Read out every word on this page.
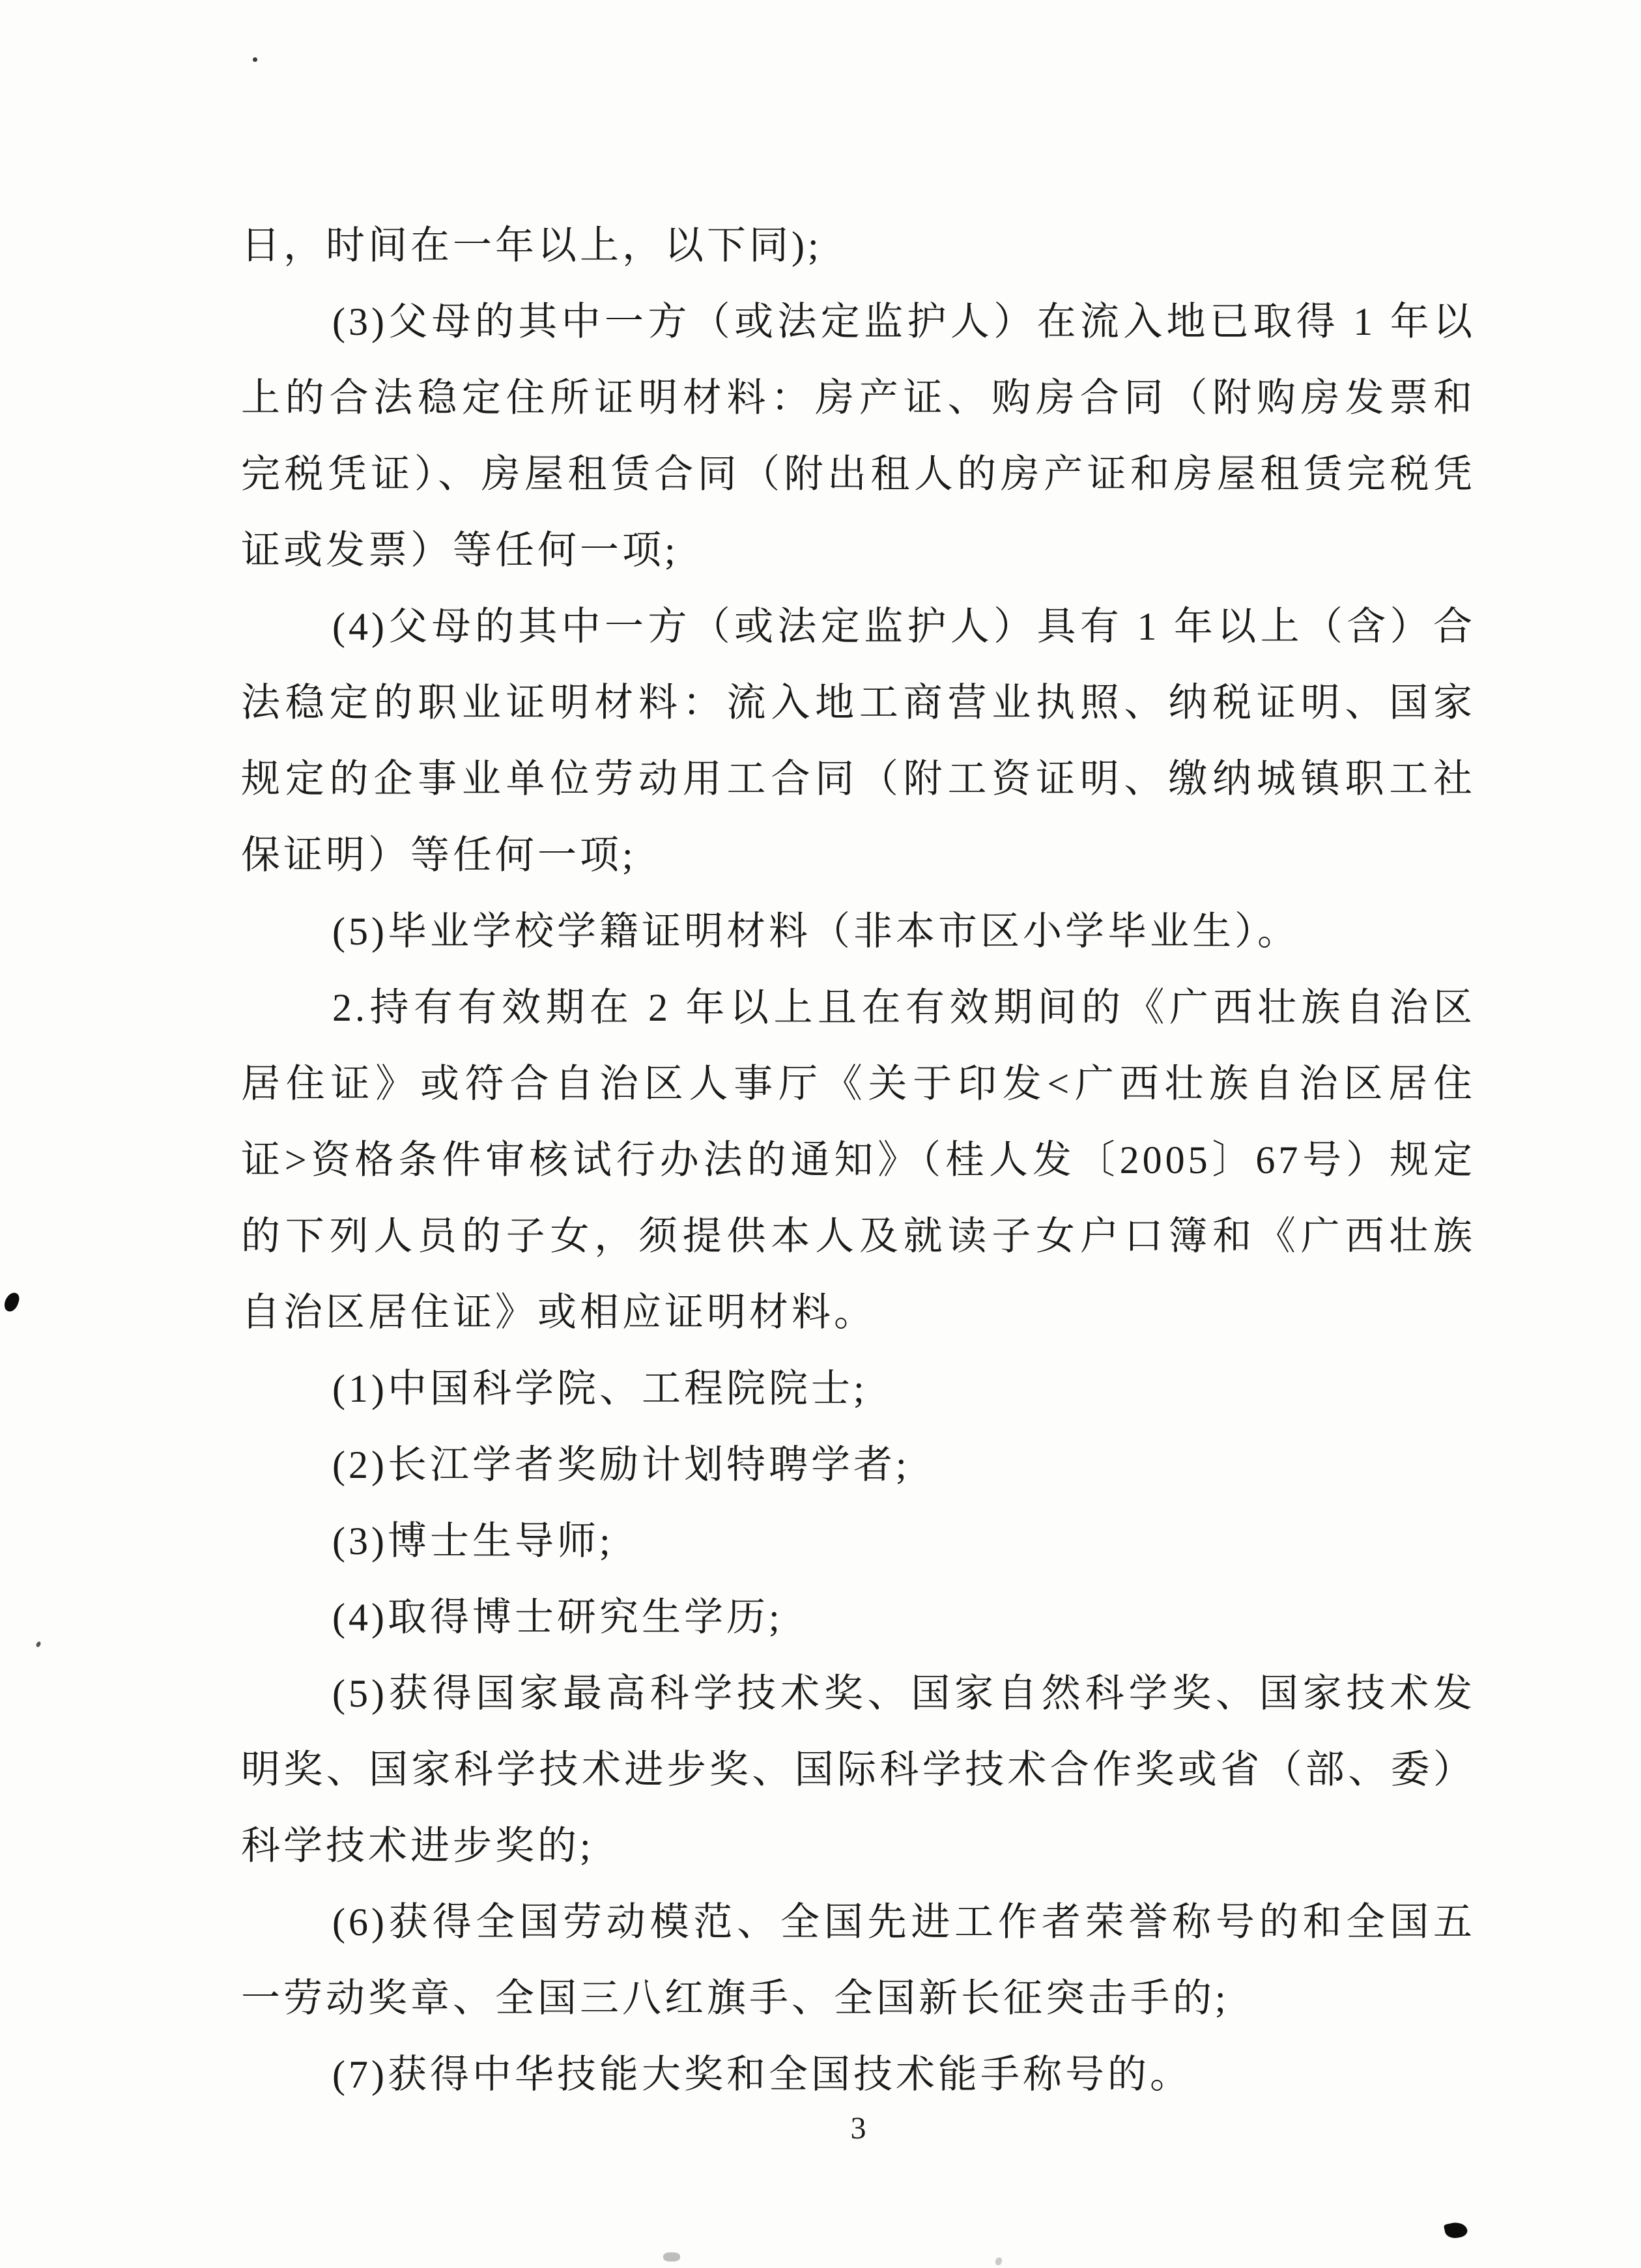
日，时间在一年以上，以下同);
(3)父母的其中一方（或法定监护人）在流入地已取得 1 年以
上的合法稳定住所证明材料：房产证、购房合同（附购房发票和
完税凭证）、房屋租赁合同（附出租人的房产证和房屋租赁完税凭
证或发票）等任何一项;
(4)父母的其中一方（或法定监护人）具有 1 年以上（含）合
法稳定的职业证明材料：流入地工商营业执照、纳税证明、国家
规定的企事业单位劳动用工合同（附工资证明、缴纳城镇职工社
保证明）等任何一项;
(5)毕业学校学籍证明材料（非本市区小学毕业生）。
2.持有有效期在 2 年以上且在有效期间的《广西壮族自治区
居住证》或符合自治区人事厅《关于印发<广西壮族自治区居住
证>资格条件审核试行办法的通知》（桂人发〔2005〕67号）规定
的下列人员的子女，须提供本人及就读子女户口簿和《广西壮族
自治区居住证》或相应证明材料。
(1)中国科学院、工程院院士;
(2)长江学者奖励计划特聘学者;
(3)博士生导师;
(4)取得博士研究生学历;
(5)获得国家最高科学技术奖、国家自然科学奖、国家技术发
明奖、国家科学技术进步奖、国际科学技术合作奖或省（部、委）
科学技术进步奖的;
(6)获得全国劳动模范、全国先进工作者荣誉称号的和全国五
一劳动奖章、全国三八红旗手、全国新长征突击手的;
(7)获得中华技能大奖和全国技术能手称号的。
3
